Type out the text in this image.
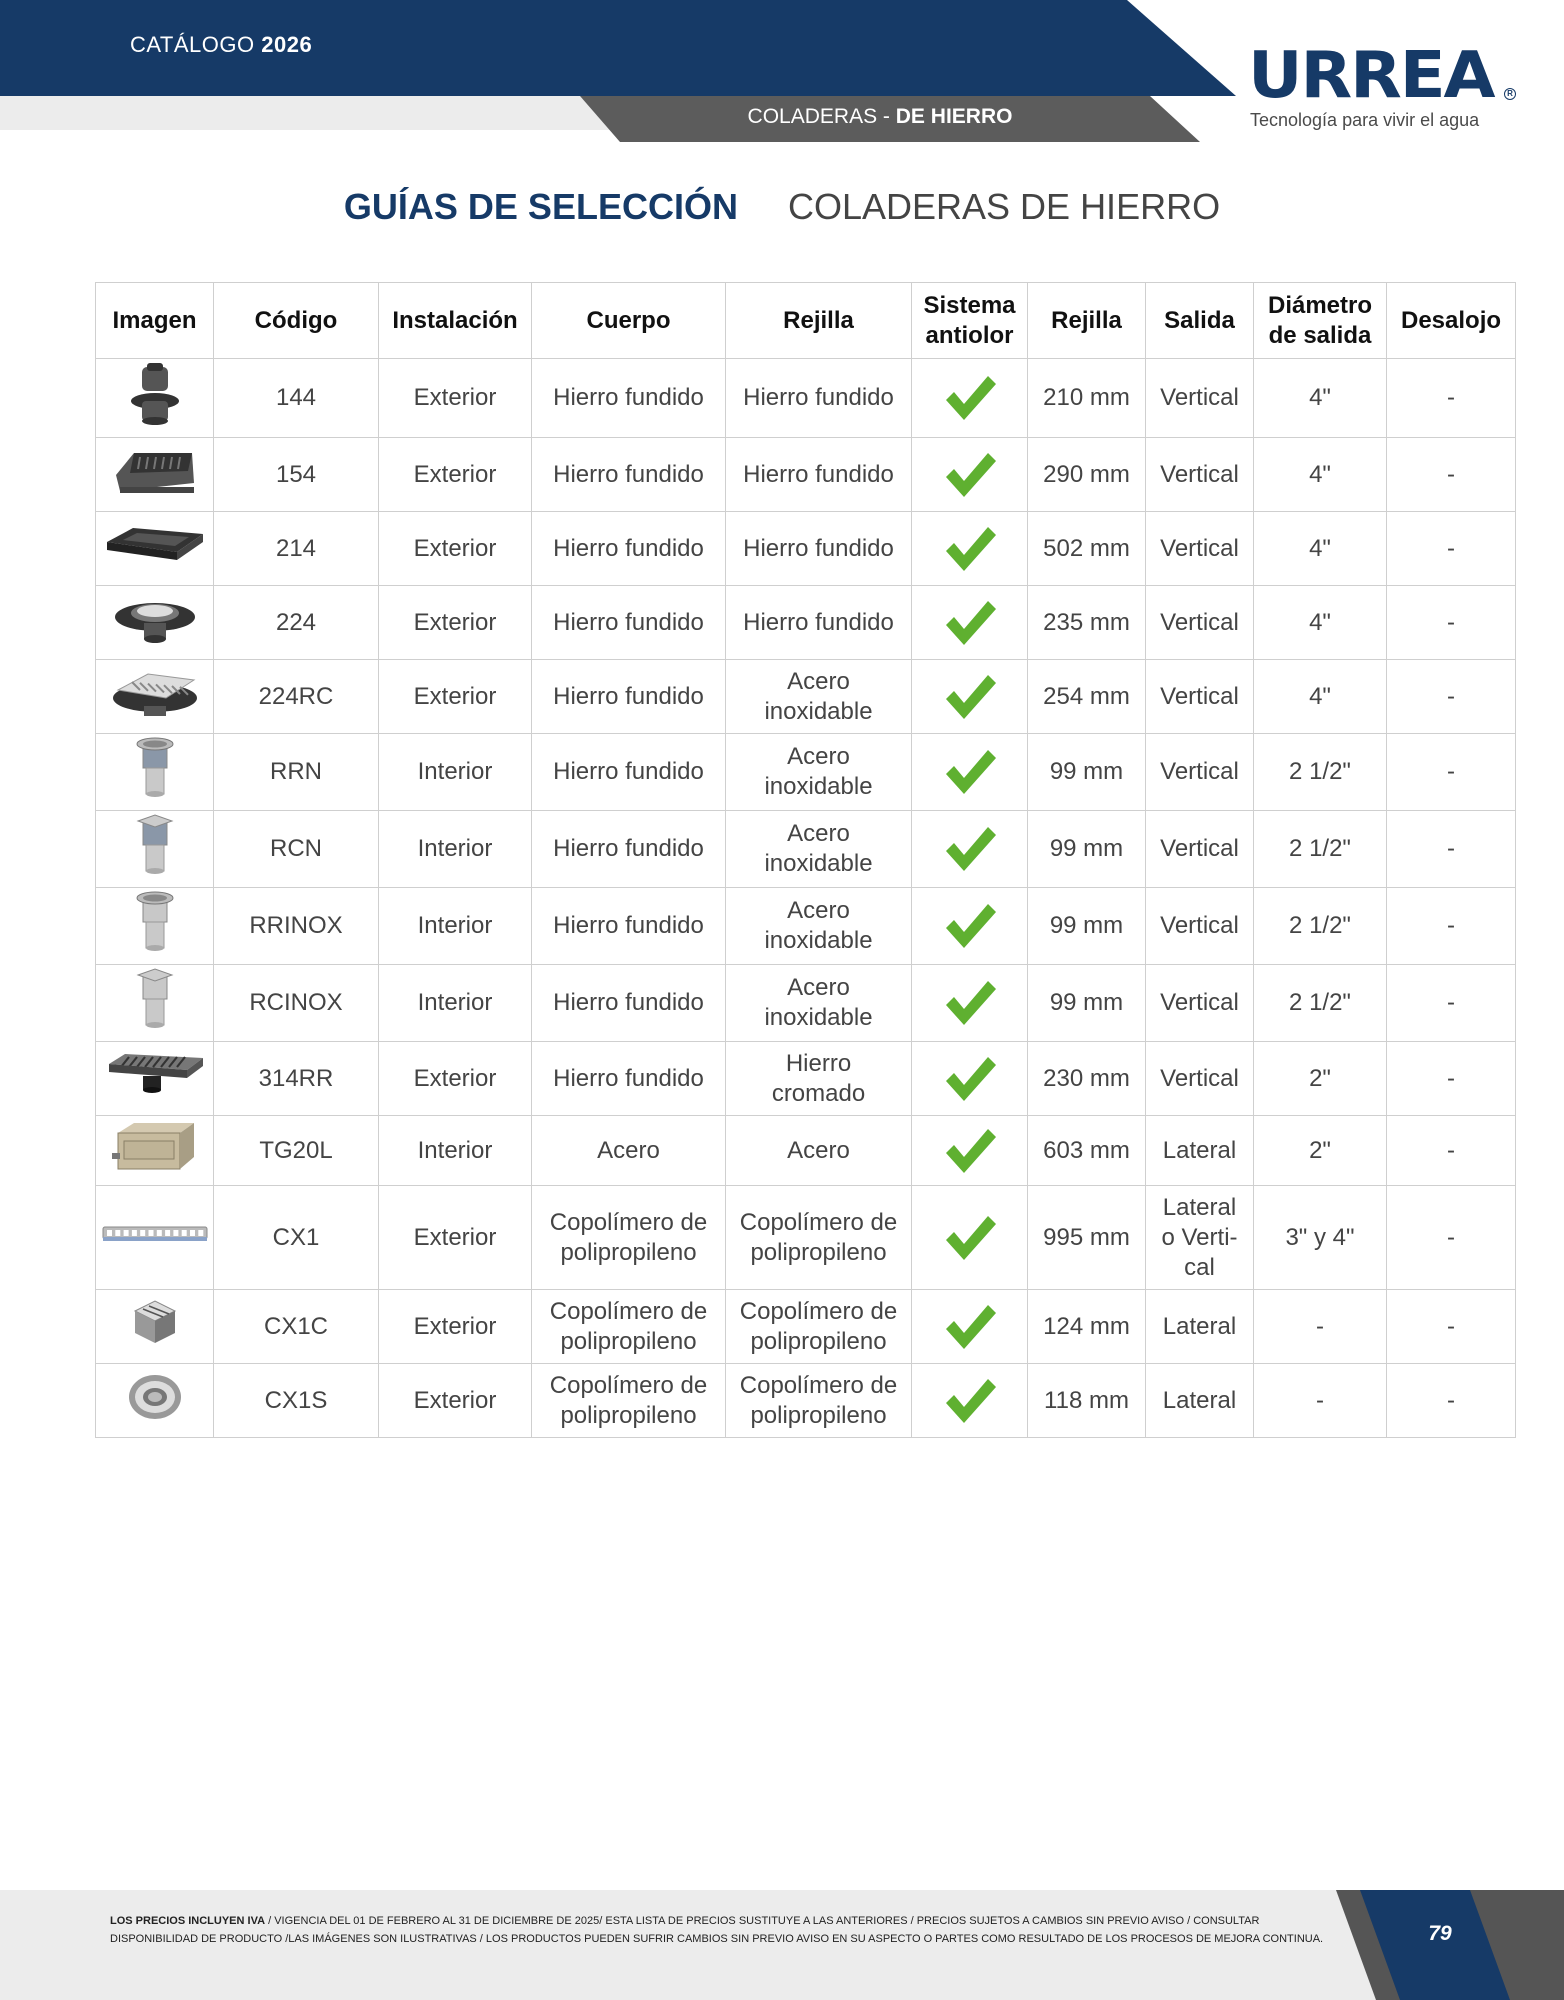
CATÁLOGO 2026
COLADERAS - DE HIERRO
URREA	R
Tecnología para vivir el agua
GUÍAS DE SELECCIÓN COLADERAS DE HIERRO
Imagen	Código	Instalación	Cuerpo	Rejilla	Sistema antiolor	Rejilla	Salida	Diámetro de salida	Desalojo
	144	Exterior	Hierro fundido	Hierro fundido		210 mm	Vertical	4"	-
	154	Exterior	Hierro fundido	Hierro fundido		290 mm	Vertical	4"	-
	214	Exterior	Hierro fundido	Hierro fundido		502 mm	Vertical	4"	-
	224	Exterior	Hierro fundido	Hierro fundido		235 mm	Vertical	4"	-
	224RC	Exterior	Hierro fundido	Acero
inoxidable		254 mm	Vertical	4"	-
	RRN	Interior	Hierro fundido	Acero
inoxidable		99 mm	Vertical	2 1/2"	-
	RCN	Interior	Hierro fundido	Acero
inoxidable		99 mm	Vertical	2 1/2"	-
	RRINOX	Interior	Hierro fundido	Acero
inoxidable		99 mm	Vertical	2 1/2"	-
	RCINOX	Interior	Hierro fundido	Acero
inoxidable		99 mm	Vertical	2 1/2"	-
	314RR	Exterior	Hierro fundido	Hierro
cromado		230 mm	Vertical	2"	-
	TG20L	Interior	Acero	Acero		603 mm	Lateral	2"	-
	CX1	Exterior	Copolímero de
polipropileno	Copolímero de
polipropileno		995 mm	Lateral
o Verti-
cal	3" y 4"	-
	CX1C	Exterior	Copolímero de
polipropileno	Copolímero de
polipropileno		124 mm	Lateral	-	-
	CX1S	Exterior	Copolímero de
polipropileno	Copolímero de
polipropileno		118 mm	Lateral	-	-
LOS PRECIOS INCLUYEN IVA / VIGENCIA DEL 01 DE FEBRERO AL 31 DE DICIEMBRE DE 2025/ ESTA LISTA DE PRECIOS SUSTITUYE A LAS ANTERIORES / PRECIOS SUJETOS A CAMBIOS SIN PREVIO AVISO / CONSULTAR DISPONIBILIDAD DE PRODUCTO /LAS IMÁGENES SON ILUSTRATIVAS / LOS PRODUCTOS PUEDEN SUFRIR CAMBIOS SIN PREVIO AVISO EN SU ASPECTO O PARTES COMO RESULTADO DE LOS PROCESOS DE MEJORA CONTINUA.	79
